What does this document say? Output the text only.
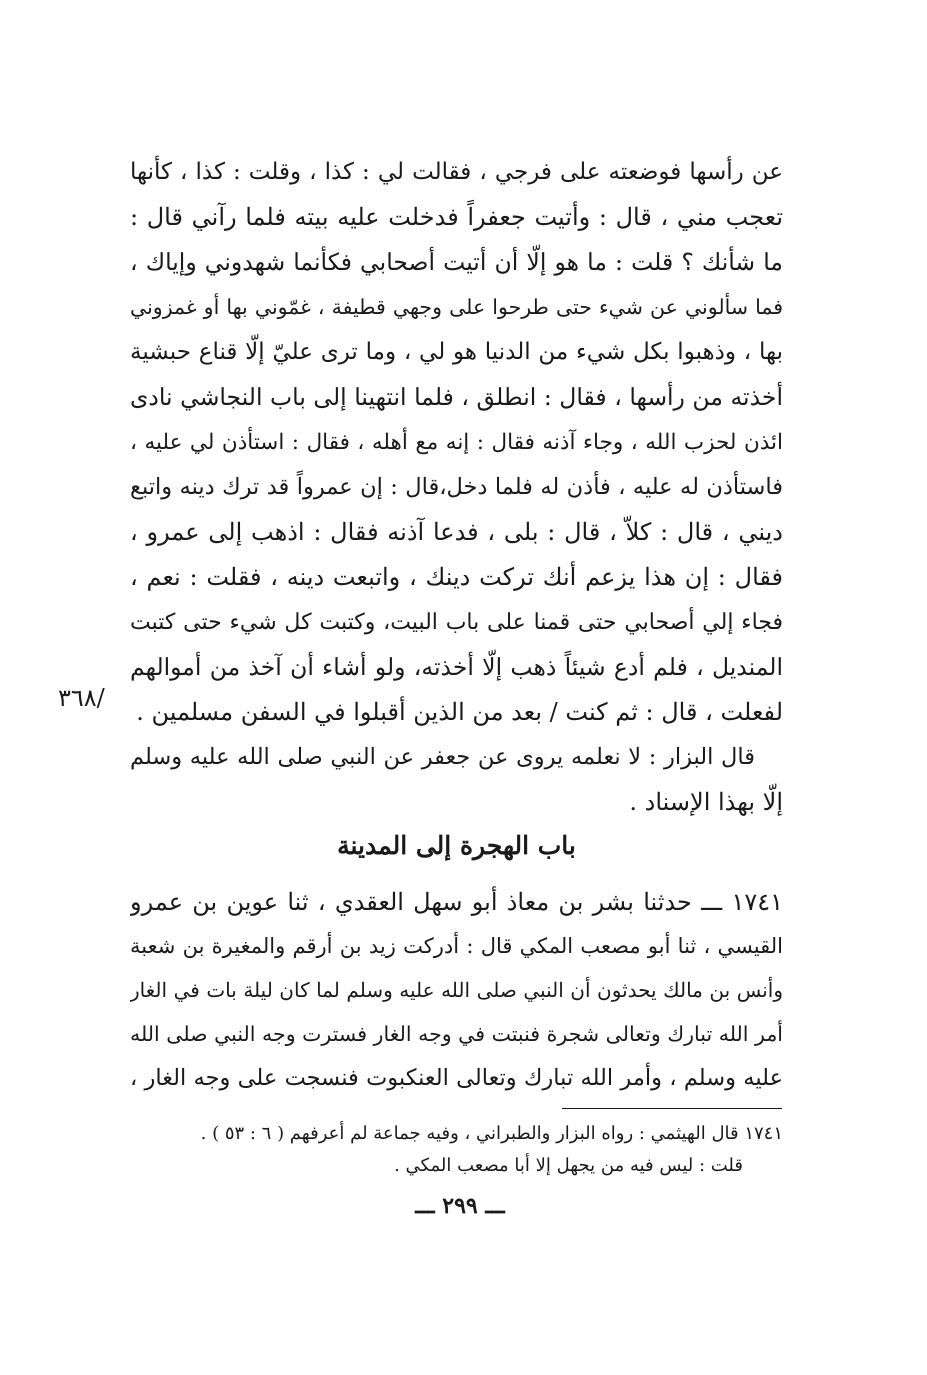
عن رأسها فوضعته على فرجي ، فقالت لي : كذا ، وقلت : كذا ، كأنها
تعجب مني ، قال : وأتيت جعفراً فدخلت عليه بيته فلما رآني قال :
ما شأنك ؟ قلت : ما هو إلّا أن أتيت أصحابي فكأنما شهدوني وإياك ،
فما سألوني عن شيء حتى طرحوا على وجهي قطيفة ، غمّوني بها أو غمزوني
بها ، وذهبوا بكل شيء من الدنيا هو لي ، وما ترى عليّ إلّا قناع حبشية
أخذته من رأسها ، فقال : انطلق ، فلما انتهينا إلى باب النجاشي نادى
ائذن لحزب الله ، وجاء آذنه فقال : إنه مع أهله ، فقال : استأذن لي عليه ،
فاستأذن له عليه ، فأذن له فلما دخل،قال : إن عمرواً قد ترك دينه واتبع
ديني ، قال : كلاّ ، قال : بلى ، فدعا آذنه فقال : اذهب إلى عمرو ،
فقال : إن هذا يزعم أنك تركت دينك ، واتبعت دينه ، فقلت : نعم ،
فجاء إلي أصحابي حتى قمنا على باب البيت، وكتبت كل شيء حتى كتبت
المنديل ، فلم أدع شيئاً ذهب إلّا أخذته، ولو أشاء أن آخذ من أموالهم
لفعلت ، قال : ثم كنت / بعد من الذين أقبلوا في السفن مسلمين .
قال البزار : لا نعلمه يروى عن جعفر عن النبي صلى الله عليه وسلم
إلّا بهذا الإسناد .
/٣٦٨
باب الهجرة إلى المدينة
١٧٤١ ـــ حدثنا بشر بن معاذ أبو سهل العقدي ، ثنا عوين بن عمرو
القيسي ، ثنا أبو مصعب المكي قال : أدركت زيد بن أرقم والمغيرة بن شعبة
وأنس بن مالك يحدثون أن النبي صلى الله عليه وسلم لما كان ليلة بات في الغار
أمر الله تبارك وتعالى شجرة فنبتت في وجه الغار فسترت وجه النبي صلى الله
عليه وسلم ، وأمر الله تبارك وتعالى العنكبوت فنسجت على وجه الغار ،
١٧٤١ قال الهيثمي : رواه البزار والطبراني ، وفيه جماعة لم أعرفهم ( ٦ : ٥٣ ) .
قلت : ليس فيه من يجهل إلا أبا مصعب المكي .
ـــ ٢٩٩ ـــ
